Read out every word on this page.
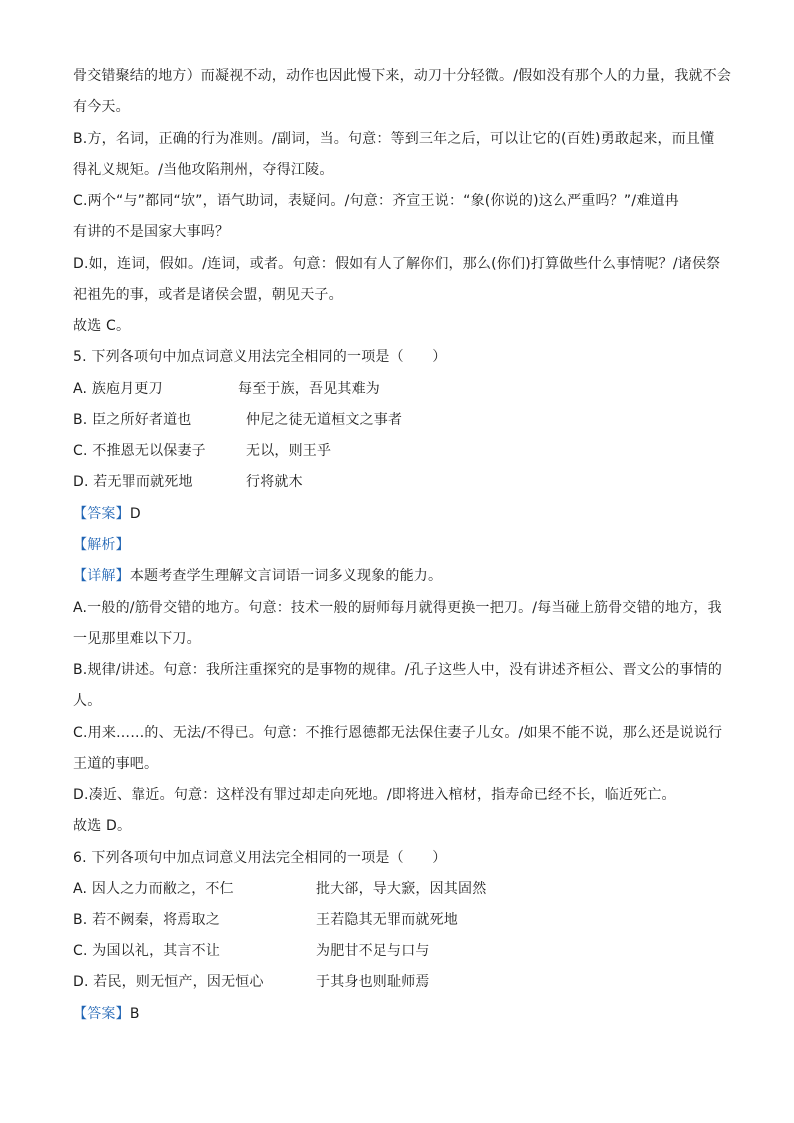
骨交错聚结的地方）而凝视不动，动作也因此慢下来，动刀十分轻微。/假如没有那个人的力量，我就不会
有今天。
B.方，名词，正确的行为准则。/副词，当。句意：等到三年之后，可以让它的(百姓)勇敢起来，而且懂
得礼义规矩。/当他攻陷荆州，夺得江陵。
C.两个“与”都同“欤”，语气助词，表疑问。/句意：齐宣王说：“象(你说的)这么严重吗？”/难道冉
有讲的不是国家大事吗？
D.如，连词，假如。/连词，或者。句意：假如有人了解你们，那么(你们)打算做些什么事情呢？/诸侯祭
祀祖先的事，或者是诸侯会盟，朝见天子。
故选 C。
5. 下列各项句中加点词意义用法完全相同的一项是（　　）
A. 族庖月更刀	每至于族，吾见其难为
B. 臣之所好者道也	仲尼之徒无道桓文之事者
C. 不推恩无以保妻子	无以，则王乎
D. 若无罪而就死地	行将就木
【答案】D
【解析】
【详解】本题考查学生理解文言词语一词多义现象的能力。
A.一般的/筋骨交错的地方。句意：技术一般的厨师每月就得更换一把刀。/每当碰上筋骨交错的地方，我
一见那里难以下刀。
B.规律/讲述。句意：我所注重探究的是事物的规律。/孔子这些人中，没有讲述齐桓公、晋文公的事情的
人。
C.用来……的、无法/不得已。句意：不推行恩德都无法保住妻子儿女。/如果不能不说，那么还是说说行
王道的事吧。
D.凑近、靠近。句意：这样没有罪过却走向死地。/即将进入棺材，指寿命已经不长，临近死亡。
故选 D。
6. 下列各项句中加点词意义用法完全相同的一项是（　　）
A. 因人之力而敝之，不仁	批大郤，导大窾，因其固然
B. 若不阙秦，将焉取之	王若隐其无罪而就死地
C. 为国以礼，其言不让	为肥甘不足与口与
D. 若民，则无恒产，因无恒心	于其身也则耻师焉
【答案】B
